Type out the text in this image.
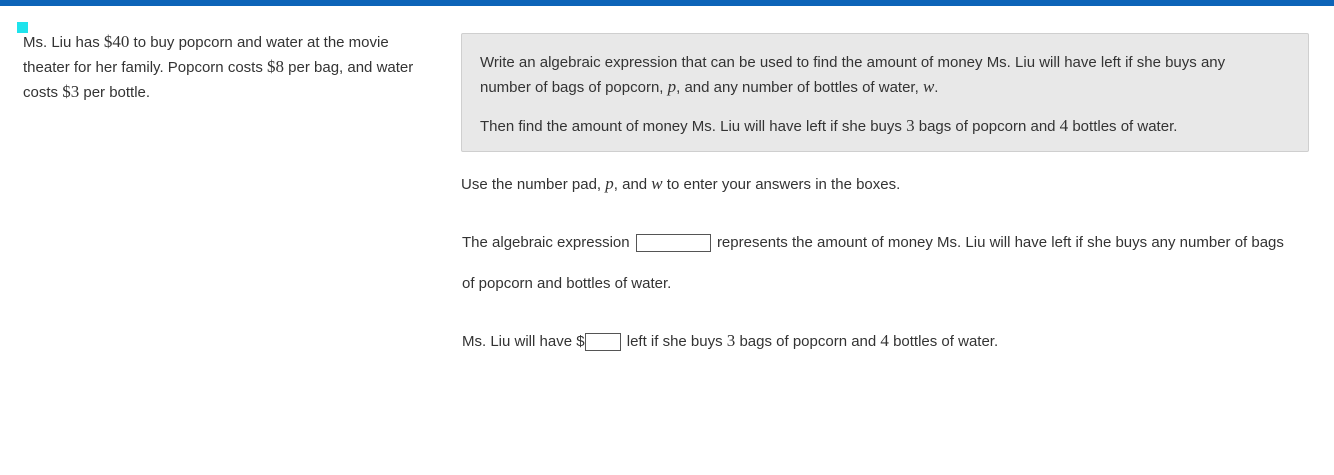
Ms. Liu has $40 to buy popcorn and water at the movie theater for her family. Popcorn costs $8 per bag, and water costs $3 per bottle.
Write an algebraic expression that can be used to find the amount of money Ms. Liu will have left if she buys any number of bags of popcorn, p, and any number of bottles of water, w.
Then find the amount of money Ms. Liu will have left if she buys 3 bags of popcorn and 4 bottles of water.
Use the number pad, p, and w to enter your answers in the boxes.
The algebraic expression	represents the amount of money Ms. Liu will have left if she buys any number of bags
of popcorn and bottles of water.
Ms. Liu will have $	left if she buys 3 bags of popcorn and 4 bottles of water.
